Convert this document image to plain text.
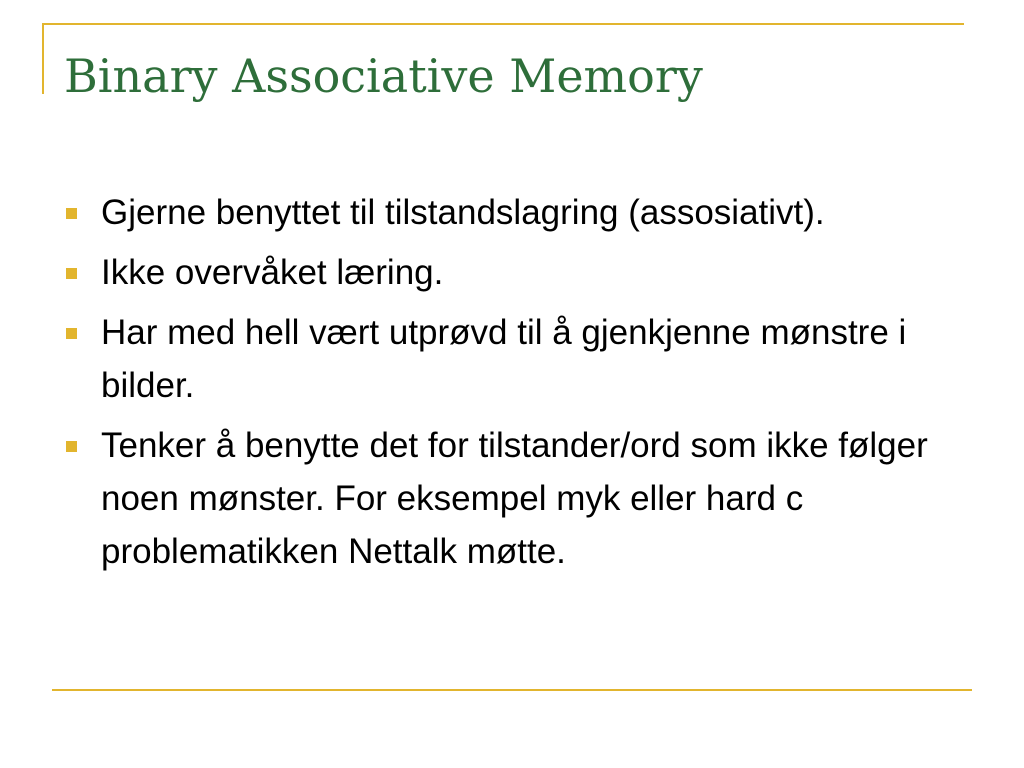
Binary Associative Memory
Gjerne benyttet til tilstandslagring (assosiativt).
Ikke overvåket læring.
Har med hell vært utprøvd til å gjenkjenne mønstre i bilder.
Tenker å benytte det for tilstander/ord som ikke følger noen mønster. For eksempel myk eller hard c problematikken Nettalk møtte.
